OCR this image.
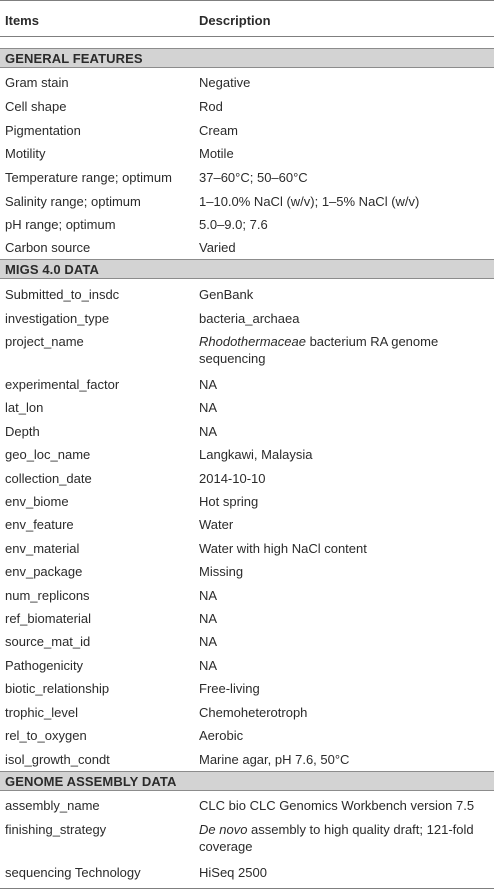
Items	Description
GENERAL FEATURES
Gram stain	Negative
Cell shape	Rod
Pigmentation	Cream
Motility	Motile
Temperature range; optimum	37–60°C; 50–60°C
Salinity range; optimum	1–10.0% NaCl (w/v); 1–5% NaCl (w/v)
pH range; optimum	5.0–9.0; 7.6
Carbon source	Varied
MIGS 4.0 DATA
Submitted_to_insdc	GenBank
investigation_type	bacteria_archaea
project_name	Rhodothermaceae bacterium RA genome sequencing
experimental_factor	NA
lat_lon	NA
Depth	NA
geo_loc_name	Langkawi, Malaysia
collection_date	2014-10-10
env_biome	Hot spring
env_feature	Water
env_material	Water with high NaCl content
env_package	Missing
num_replicons	NA
ref_biomaterial	NA
source_mat_id	NA
Pathogenicity	NA
biotic_relationship	Free-living
trophic_level	Chemoheterotroph
rel_to_oxygen	Aerobic
isol_growth_condt	Marine agar, pH 7.6, 50°C
GENOME ASSEMBLY DATA
assembly_name	CLC bio CLC Genomics Workbench version 7.5
finishing_strategy	De novo assembly to high quality draft; 121-fold coverage
sequencing Technology	HiSeq 2500
